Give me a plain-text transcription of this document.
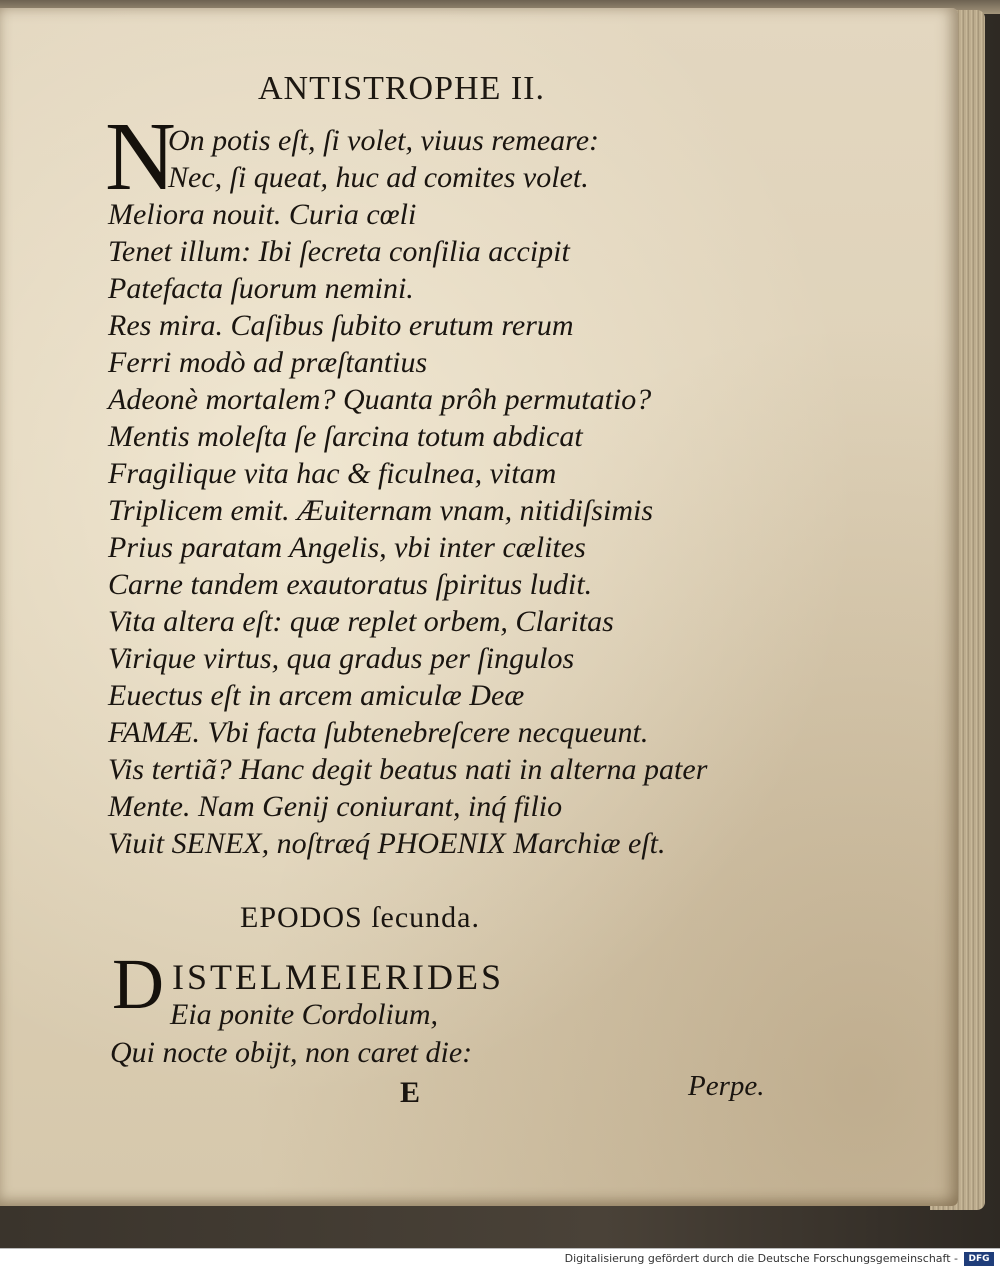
ANTISTROPHE II.
N
On potis eſt, ſi volet, viuus remeare:
Nec, ſi queat, huc ad comites volet.
Meliora nouit. Curia cœli
Tenet illum: Ibi ſecreta conſilia accipit
Patefacta ſuorum nemini.
Res mira. Caſibus ſubito erutum rerum
Ferri modò ad præſtantius
Adeonè mortalem? Quanta prôh permutatio?
Mentis moleſta ſe ſarcina totum abdicat
Fragilique vita hac & ficulnea, vitam
Triplicem emit. Æuiternam vnam, nitidiſsimis
Prius paratam Angelis, vbi inter cælites
Carne tandem exautoratus ſpiritus ludit.
Vita altera eſt: quæ replet orbem, Claritas
Virique virtus, qua gradus per ſingulos
Euectus eſt in arcem amiculæ Deæ
FAMÆ. Vbi facta ſubtenebreſcere necqueunt.
Vis tertiã? Hanc degit beatus nati in alterna pater
Mente. Nam Genij coniurant, inq́ filio
Viuit SENEX, noſtræq́ PHOENIX Marchiæ eſt.
EPODOS ſecunda.
D ISTELMEIERIDES
Eia ponite Cordolium,
Qui nocte obijt, non caret die:
E	Perpe.
Digitalisierung gefördert durch die Deutsche Forschungsgemeinschaft -	DFG
